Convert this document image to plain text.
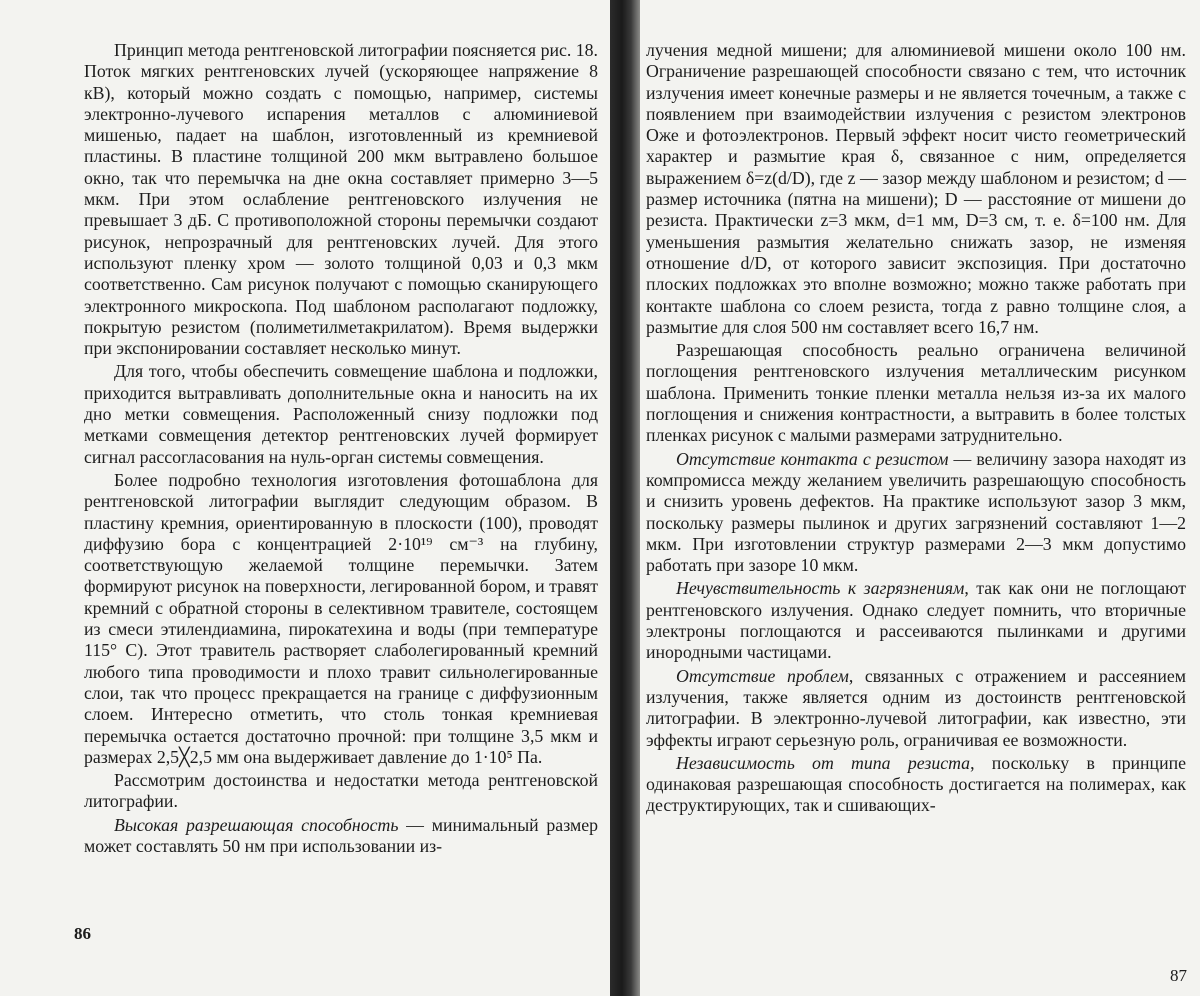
Принцип метода рентгеновской литографии поясняется рис. 18. Поток мягких рентгеновских лучей (ускоряющее напряжение 8 кВ), который можно создать с помощью, например, системы электронно-лучевого испарения металлов с алюминиевой мишенью, падает на шаблон, изготовленный из кремниевой пластины. В пластине толщиной 200 мкм вытравлено большое окно, так что перемычка на дне окна составляет примерно 3—5 мкм. При этом ослабление рентгеновского излучения не превышает 3 дБ. С противоположной стороны перемычки создают рисунок, непрозрачный для рентгеновских лучей. Для этого используют пленку хром — золото толщиной 0,03 и 0,3 мкм соответственно. Сам рисунок получают с помощью сканирующего электронного микроскопа. Под шаблоном располагают подложку, покрытую резистом (полиметилметакрилатом). Время выдержки при экспонировании составляет несколько минут.

Для того, чтобы обеспечить совмещение шаблона и подложки, приходится вытравливать дополнительные окна и наносить на их дно метки совмещения. Расположенный снизу подложки под метками совмещения детектор рентгеновских лучей формирует сигнал рассогласования на нуль-орган системы совмещения.

Более подробно технология изготовления фотошаблона для рентгеновской литографии выглядит следующим образом. В пластину кремния, ориентированную в плоскости (100), проводят диффузию бора с концентрацией 2·10¹⁹ см⁻³ на глубину, соответствующую желаемой толщине перемычки. Затем формируют рисунок на поверхности, легированной бором, и травят кремний с обратной стороны в селективном травителе, состоящем из смеси этилендиамина, пирокатехина и воды (при температуре 115° С). Этот травитель растворяет слаболегированный кремний любого типа проводимости и плохо травит сильнолегированные слои, так что процесс прекращается на границе с диффузионным слоем. Интересно отметить, что столь тонкая кремниевая перемычка остается достаточно прочной: при толщине 3,5 мкм и размерах 2,5╳2,5 мм она выдерживает давление до 1·10⁵ Па.

Рассмотрим достоинства и недостатки метода рентгеновской литографии.

Высокая разрешающая способность — минимальный размер может составлять 50 нм при использовании из-

86

лучения медной мишени; для алюминиевой мишени около 100 нм. Ограничение разрешающей способности связано с тем, что источник излучения имеет конечные размеры и не является точечным, а также с появлением при взаимодействии излучения с резистом электронов Оже и фотоэлектронов. Первый эффект носит чисто геометрический характер и размытие края δ, связанное с ним, определяется выражением δ=z(d/D), где z — зазор между шаблоном и резистом; d — размер источника (пятна на мишени); D — расстояние от мишени до резиста. Практически z=3 мкм, d=1 мм, D=3 см, т. е. δ=100 нм. Для уменьшения размытия желательно снижать зазор, не изменяя отношение d/D, от которого зависит экспозиция. При достаточно плоских подложках это вполне возможно; можно также работать при контакте шаблона со слоем резиста, тогда z равно толщине слоя, а размытие для слоя 500 нм составляет всего 16,7 нм.

Разрешающая способность реально ограничена величиной поглощения рентгеновского излучения металлическим рисунком шаблона. Применить тонкие пленки металла нельзя из-за их малого поглощения и снижения контрастности, а вытравить в более толстых пленках рисунок с малыми размерами затруднительно.

Отсутствие контакта с резистом — величину зазора находят из компромисса между желанием увеличить разрешающую способность и снизить уровень дефектов. На практике используют зазор 3 мкм, поскольку размеры пылинок и других загрязнений составляют 1—2 мкм. При изготовлении структур размерами 2—3 мкм допустимо работать при зазоре 10 мкм.

Нечувствительность к загрязнениям, так как они не поглощают рентгеновского излучения. Однако следует помнить, что вторичные электроны поглощаются и рассеиваются пылинками и другими инородными частицами.

Отсутствие проблем, связанных с отражением и рассеянием излучения, также является одним из достоинств рентгеновской литографии. В электронно-лучевой литографии, как известно, эти эффекты играют серьезную роль, ограничивая ее возможности.

Независимость от типа резиста, поскольку в принципе одинаковая разрешающая способность достигается на полимерах, как деструктирующих, так и сшивающих-

87
